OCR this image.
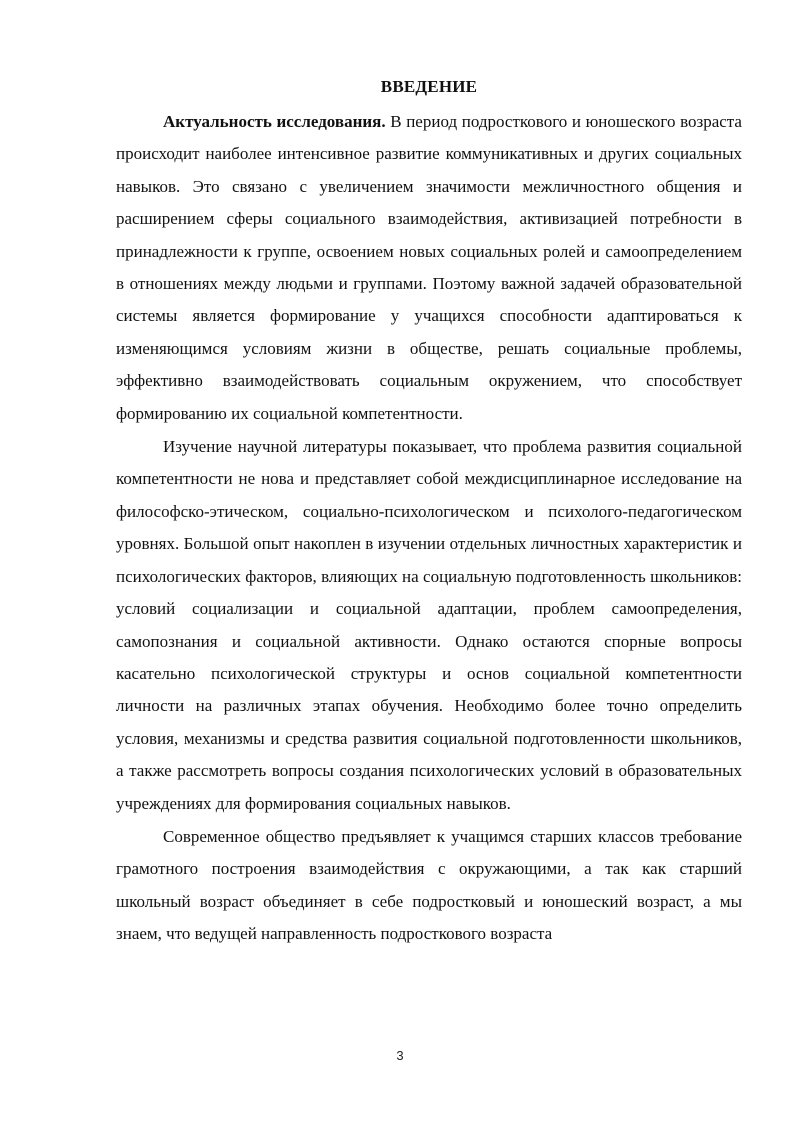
ВВЕДЕНИЕ

Актуальность исследования. В период подросткового и юношеского возраста происходит наиболее интенсивное развитие коммуникативных и других социальных навыков. Это связано с увеличением значимости межличностного общения и расширением сферы социального взаимодействия, активизацией потребности в принадлежности к группе, освоением новых социальных ролей и самоопределением в отношениях между людьми и группами. Поэтому важной задачей образовательной системы является формирование у учащихся способности адаптироваться к изменяющимся условиям жизни в обществе, решать социальные проблемы, эффективно взаимодействовать социальным окружением, что способствует формированию их социальной компетентности.

Изучение научной литературы показывает, что проблема развития социальной компетентности не нова и представляет собой междисциплинарное исследование на философско-этическом, социально-психологическом и психолого-педагогическом уровнях. Большой опыт накоплен в изучении отдельных личностных характеристик и психологических факторов, влияющих на социальную подготовленность школьников: условий социализации и социальной адаптации, проблем самоопределения, самопознания и социальной активности. Однако остаются спорные вопросы касательно психологической структуры и основ социальной компетентности личности на различных этапах обучения. Необходимо более точно определить условия, механизмы и средства развития социальной подготовленности школьников, а также рассмотреть вопросы создания психологических условий в образовательных учреждениях для формирования социальных навыков.

Современное общество предъявляет к учащимся старших классов требование грамотного построения взаимодействия с окружающими, а так как старший школьный возраст объединяет в себе подростковый и юношеский возраст, а мы знаем, что ведущей направленность подросткового возраста

3
